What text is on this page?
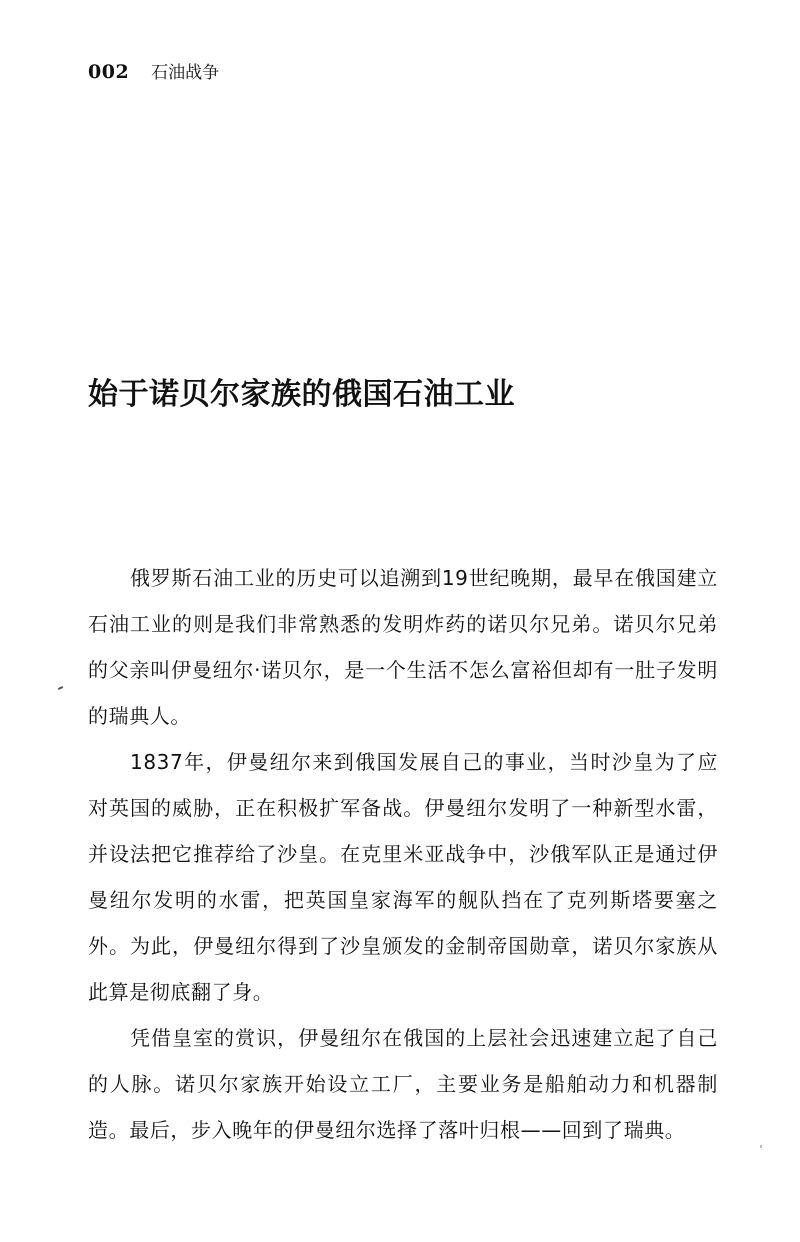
002 石油战争
始于诺贝尔家族的俄国石油工业

俄罗斯石油工业的历史可以追溯到19世纪晚期，最早在俄国建立石油工业的则是我们非常熟悉的发明炸药的诺贝尔兄弟。诺贝尔兄弟的父亲叫伊曼纽尔·诺贝尔，是一个生活不怎么富裕但却有一肚子发明的瑞典人。

1837年，伊曼纽尔来到俄国发展自己的事业，当时沙皇为了应对英国的威胁，正在积极扩军备战。伊曼纽尔发明了一种新型水雷，并设法把它推荐给了沙皇。在克里米亚战争中，沙俄军队正是通过伊曼纽尔发明的水雷，把英国皇家海军的舰队挡在了克列斯塔要塞之外。为此，伊曼纽尔得到了沙皇颁发的金制帝国勋章，诺贝尔家族从此算是彻底翻了身。

凭借皇室的赏识，伊曼纽尔在俄国的上层社会迅速建立起了自己的人脉。诺贝尔家族开始设立工厂，主要业务是船舶动力和机器制造。最后，步入晚年的伊曼纽尔选择了落叶归根——回到了瑞典。
